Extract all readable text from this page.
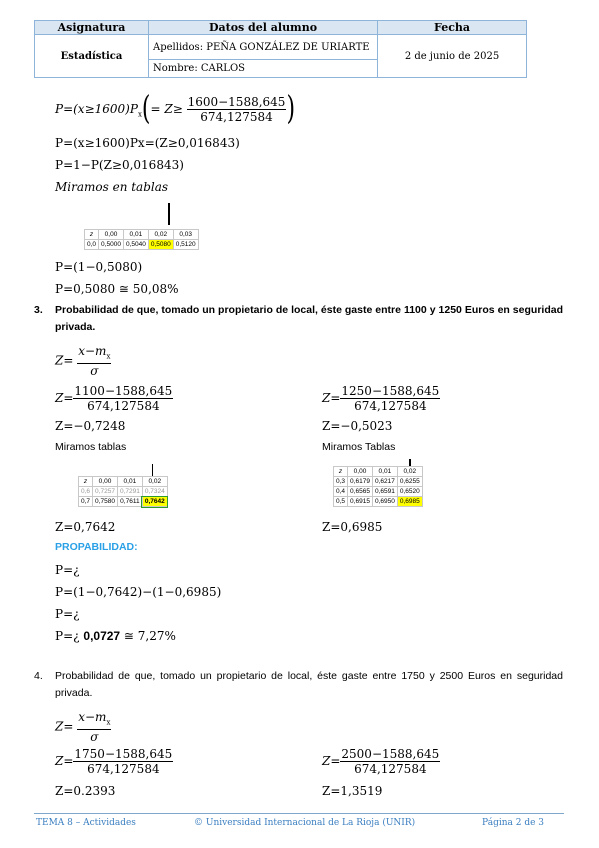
Asignatura	Datos del alumno	Fecha
Estadística	Apellidos: PEÑA GONZÁLEZ DE URIARTE	2 de junio de 2025
	Nombre: CARLOS	
$P=(x\ge 1600)P_x(= Z\ge \frac{1600-1588,645}{674,127584}$ )
P=(x≥1600)Px=(Z≥0,016843)
P=1−P(Z≥0,016843)
Miramos en tablas
z	0,00	0,01	0,02	0,03
0,0	0,5000	0,5040	0,5080	0,5120
P=(1−0,5080)
P=0,5080 ≅ 50,08%
3. Probabilidad de que, tomado un propietario de local, éste gaste entre 1100 y 1250 Euros en seguridad privada.
$Z= \frac{x-m_x}{\sigma}$
$Z= \frac{1100-1588,645}{674,127584}$	$Z= \frac{1250-1588,645}{674,127584}$
Z=−0,7248	Z=−0,5023
Miramos tablas	Miramos Tablas
z	0,00	0,01	0,02
0,6	0,7257	0,7291	0,7324
0,7	0,7580	0,7611	0,7642
z	0,00	0,01	0,02
0,3	0,6179	0,6217	0,6255
0,4	0,6565	0,6591	0,6520
0,5	0,6915	0,6950	0,6985
Z=0,7642	Z=0,6985
PROPABILIDAD:
P=¿
P=(1−0,7642)−(1−0,6985)
P=¿
P=¿ 0,0727 ≅ 7,27%
4. Probabilidad de que, tomado un propietario de local, éste gaste entre 1750 y 2500 Euros en seguridad privada.
$Z= \frac{x-m_x}{\sigma}$
$Z= \frac{1750-1588,645}{674,127584}$	$Z= \frac{2500-1588,645}{674,127584}$
Z=0.2393	Z=1,3519
TEMA 8 – Actividades	© Universidad Internacional de La Rioja (UNIR)	Página 2 de 3
